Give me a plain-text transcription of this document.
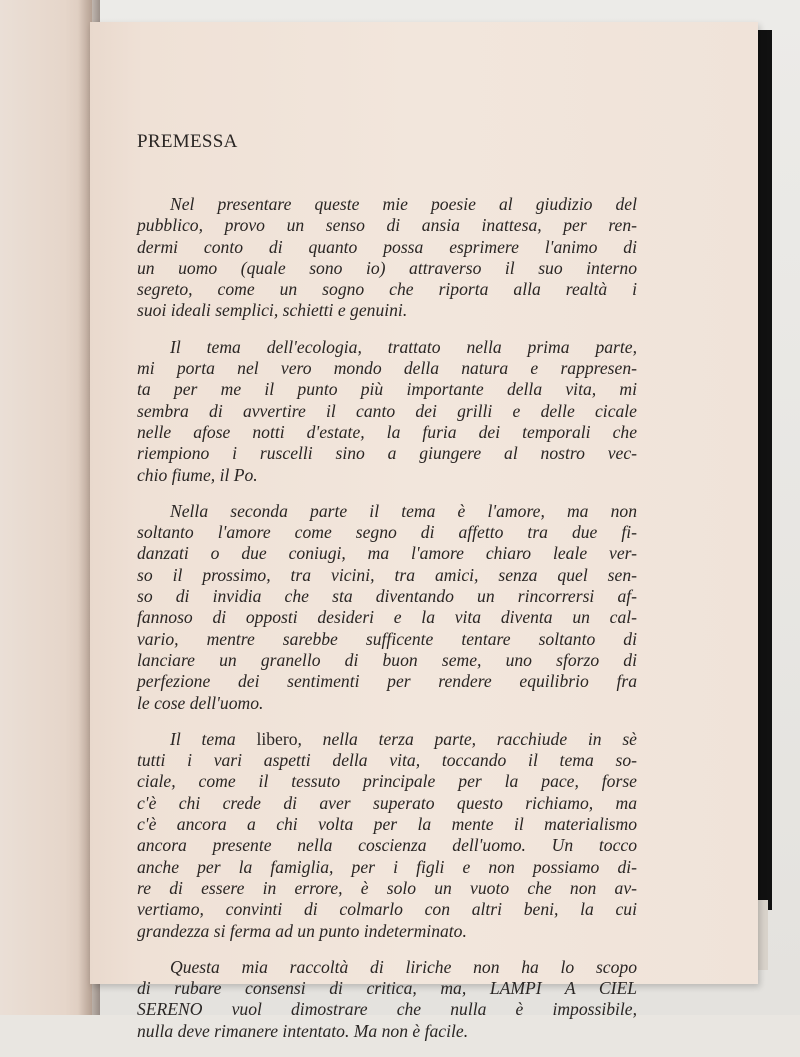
PREMESSA
Nel presentare queste mie poesie al giudizio del
pubblico, provo un senso di ansia inattesa, per ren-
dermi conto di quanto possa esprimere l'animo di
un uomo (quale sono io) attraverso il suo interno
segreto, come un sogno che riporta alla realtà i
suoi ideali semplici, schietti e genuini.
Il tema dell'ecologia, trattato nella prima parte,
mi porta nel vero mondo della natura e rappresen-
ta per me il punto più importante della vita, mi
sembra di avvertire il canto dei grilli e delle cicale
nelle afose notti d'estate, la furia dei temporali che
riempiono i ruscelli sino a giungere al nostro vec-
chio fiume, il Po.
Nella seconda parte il tema è l'amore, ma non
soltanto l'amore come segno di affetto tra due fi-
danzati o due coniugi, ma l'amore chiaro leale ver-
so il prossimo, tra vicini, tra amici, senza quel sen-
so di invidia che sta diventando un rincorrersi af-
fannoso di opposti desideri e la vita diventa un cal-
vario, mentre sarebbe sufficente tentare soltanto di
lanciare un granello di buon seme, uno sforzo di
perfezione dei sentimenti per rendere equilibrio fra
le cose dell'uomo.
Il tema libero, nella terza parte, racchiude in sè
tutti i vari aspetti della vita, toccando il tema so-
ciale, come il tessuto principale per la pace, forse
c'è chi crede di aver superato questo richiamo, ma
c'è ancora a chi volta per la mente il materialismo
ancora presente nella coscienza dell'uomo. Un tocco
anche per la famiglia, per i figli e non possiamo di-
re di essere in errore, è solo un vuoto che non av-
vertiamo, convinti di colmarlo con altri beni, la cui
grandezza si ferma ad un punto indeterminato.
Questa mia raccoltà di liriche non ha lo scopo
di rubare consensi di critica, ma, LAMPI A CIEL
SERENO vuol dimostrare che nulla è impossibile,
nulla deve rimanere intentato. Ma non è facile.
